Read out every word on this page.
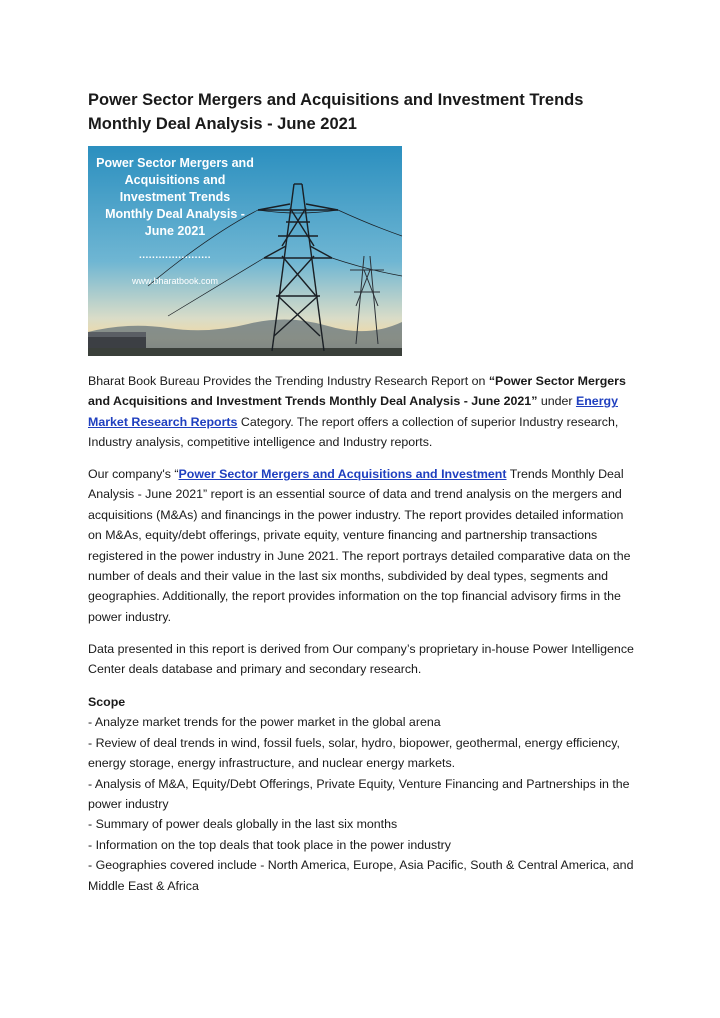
Power Sector Mergers and Acquisitions and Investment Trends Monthly Deal Analysis - June 2021
Power Sector Mergers and
Acquisitions and
Investment Trends
Monthly Deal Analysis -
June 2021
......................
www.bharatbook.com

Bharat Book Bureau Provides the Trending Industry Research Report on “Power Sector Mergers and Acquisitions and Investment Trends Monthly Deal Analysis - June 2021” under Energy Market Research Reports Category. The report offers a collection of superior Industry research, Industry analysis, competitive intelligence and Industry reports.

Our company's “Power Sector Mergers and Acquisitions and Investment Trends Monthly Deal Analysis - June 2021” report is an essential source of data and trend analysis on the mergers and acquisitions (M&As) and financings in the power industry. The report provides detailed information on M&As, equity/debt offerings, private equity, venture financing and partnership transactions registered in the power industry in June 2021. The report portrays detailed comparative data on the number of deals and their value in the last six months, subdivided by deal types, segments and geographies. Additionally, the report provides information on the top financial advisory firms in the power industry.

Data presented in this report is derived from Our company’s proprietary in-house Power Intelligence Center deals database and primary and secondary research.

Scope
- Analyze market trends for the power market in the global arena
- Review of deal trends in wind, fossil fuels, solar, hydro, biopower, geothermal, energy efficiency, energy storage, energy infrastructure, and nuclear energy markets.
- Analysis of M&A, Equity/Debt Offerings, Private Equity, Venture Financing and Partnerships in the power industry
- Summary of power deals globally in the last six months
- Information on the top deals that took place in the power industry
- Geographies covered include - North America, Europe, Asia Pacific, South & Central America, and Middle East & Africa
